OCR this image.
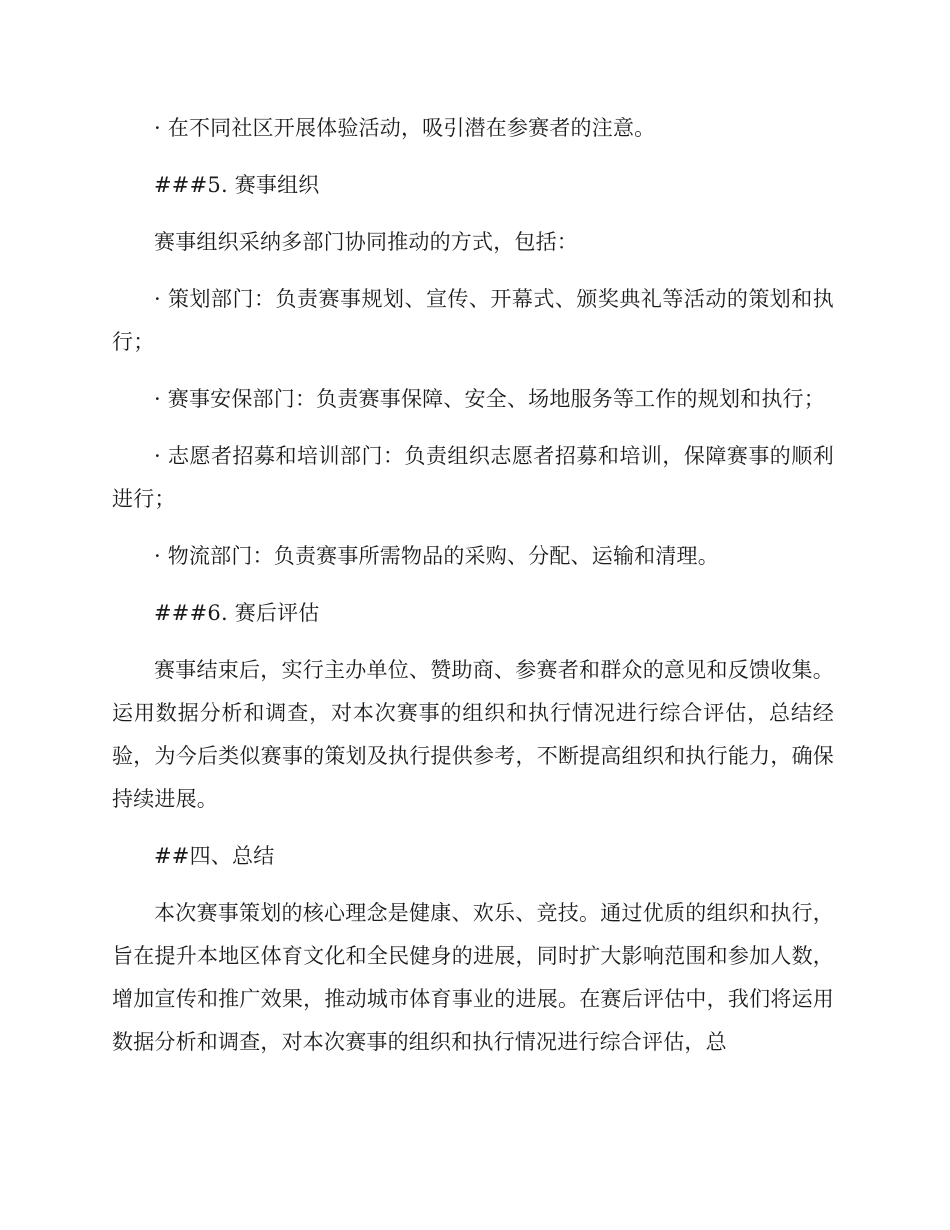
· 在不同社区开展体验活动，吸引潜在参赛者的注意。

###5. 赛事组织

赛事组织采纳多部门协同推动的方式，包括：

· 策划部门：负责赛事规划、宣传、开幕式、颁奖典礼等活动的策划和执行；

· 赛事安保部门：负责赛事保障、安全、场地服务等工作的规划和执行；

· 志愿者招募和培训部门：负责组织志愿者招募和培训，保障赛事的顺利进行；

· 物流部门：负责赛事所需物品的采购、分配、运输和清理。

###6. 赛后评估

赛事结束后，实行主办单位、赞助商、参赛者和群众的意见和反馈收集。运用数据分析和调查，对本次赛事的组织和执行情况进行综合评估，总结经验，为今后类似赛事的策划及执行提供参考，不断提高组织和执行能力，确保持续进展。

##四、总结

本次赛事策划的核心理念是健康、欢乐、竞技。通过优质的组织和执行，旨在提升本地区体育文化和全民健身的进展，同时扩大影响范围和参加人数，增加宣传和推广效果，推动城市体育事业的进展。在赛后评估中，我们将运用数据分析和调查，对本次赛事的组织和执行情况进行综合评估，总
